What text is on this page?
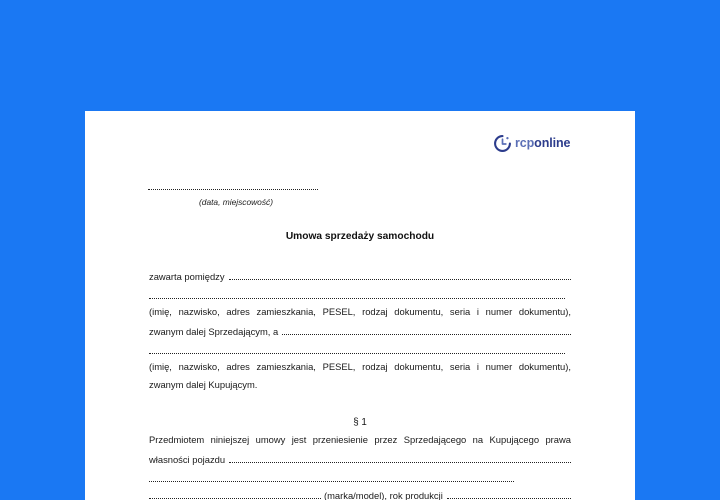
rcponline
(data, miejscowość)
Umowa sprzedaży samochodu
zawarta pomiędzy
(imię, nazwisko, adres zamieszkania, PESEL, rodzaj dokumentu, seria i numer dokumentu),
zwanym dalej Sprzedającym, a
(imię, nazwisko, adres zamieszkania, PESEL, rodzaj dokumentu, seria i numer dokumentu),
zwanym dalej Kupującym.
§ 1
Przedmiotem niniejszej umowy jest przeniesienie przez Sprzedającego na Kupującego prawa
własności pojazdu
(marka/model), rok produkcji
